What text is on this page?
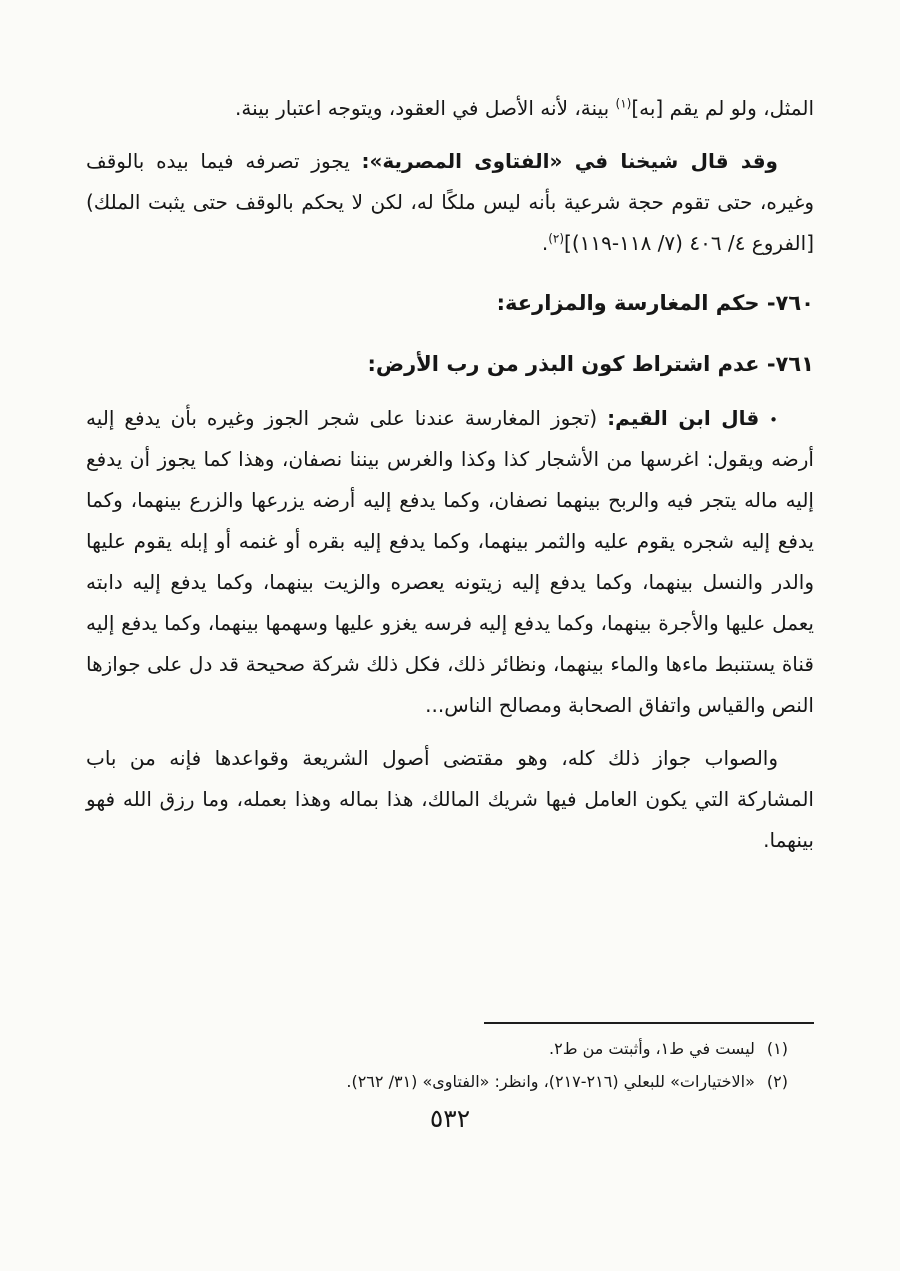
المثل، ولو لم يقم [به]$^{(١)}$ بينة، لأنه الأصل في العقود، ويتوجه اعتبار بينة.

وقد قال شيخنا في «الفتاوى المصرية»: يجوز تصرفه فيما بيده بالوقف وغيره، حتى تقوم حجة شرعية بأنه ليس ملكًا له، لكن لا يحكم بالوقف حتى يثبت الملك) [الفروع ٤/ ٤٠٦ (٧/ ١١٨-١١٩)]$^{(٢)}$.

٧٦٠- حكم المغارسة والمزارعة:
٧٦١- عدم اشتراط كون البذر من رب الأرض:

• قال ابن القيم: (تجوز المغارسة عندنا على شجر الجوز وغيره بأن يدفع إليه أرضه ويقول: اغرسها من الأشجار كذا وكذا والغرس بيننا نصفان، وهذا كما يجوز أن يدفع إليه ماله يتجر فيه والربح بينهما نصفان، وكما يدفع إليه أرضه يزرعها والزرع بينهما، وكما يدفع إليه شجره يقوم عليه والثمر بينهما، وكما يدفع إليه بقره أو غنمه أو إبله يقوم عليها والدر والنسل بينهما، وكما يدفع إليه زيتونه يعصره والزيت بينهما، وكما يدفع إليه دابته يعمل عليها والأجرة بينهما، وكما يدفع إليه فرسه يغزو عليها وسهمها بينهما، وكما يدفع إليه قناة يستنبط ماءها والماء بينهما، ونظائر ذلك، فكل ذلك شركة صحيحة قد دل على جوازها النص والقياس واتفاق الصحابة ومصالح الناس...

والصواب جواز ذلك كله، وهو مقتضى أصول الشريعة وقواعدها فإنه من باب المشاركة التي يكون العامل فيها شريك المالك، هذا بماله وهذا بعمله، وما رزق الله فهو بينهما.

(١)
ليست في ط١، وأثبتت من ط٢.
(٢)
«الاختيارات» للبعلي (٢١٦-٢١٧)، وانظر: «الفتاوى» (٣١/ ٢٦٢).
٥٣٢
